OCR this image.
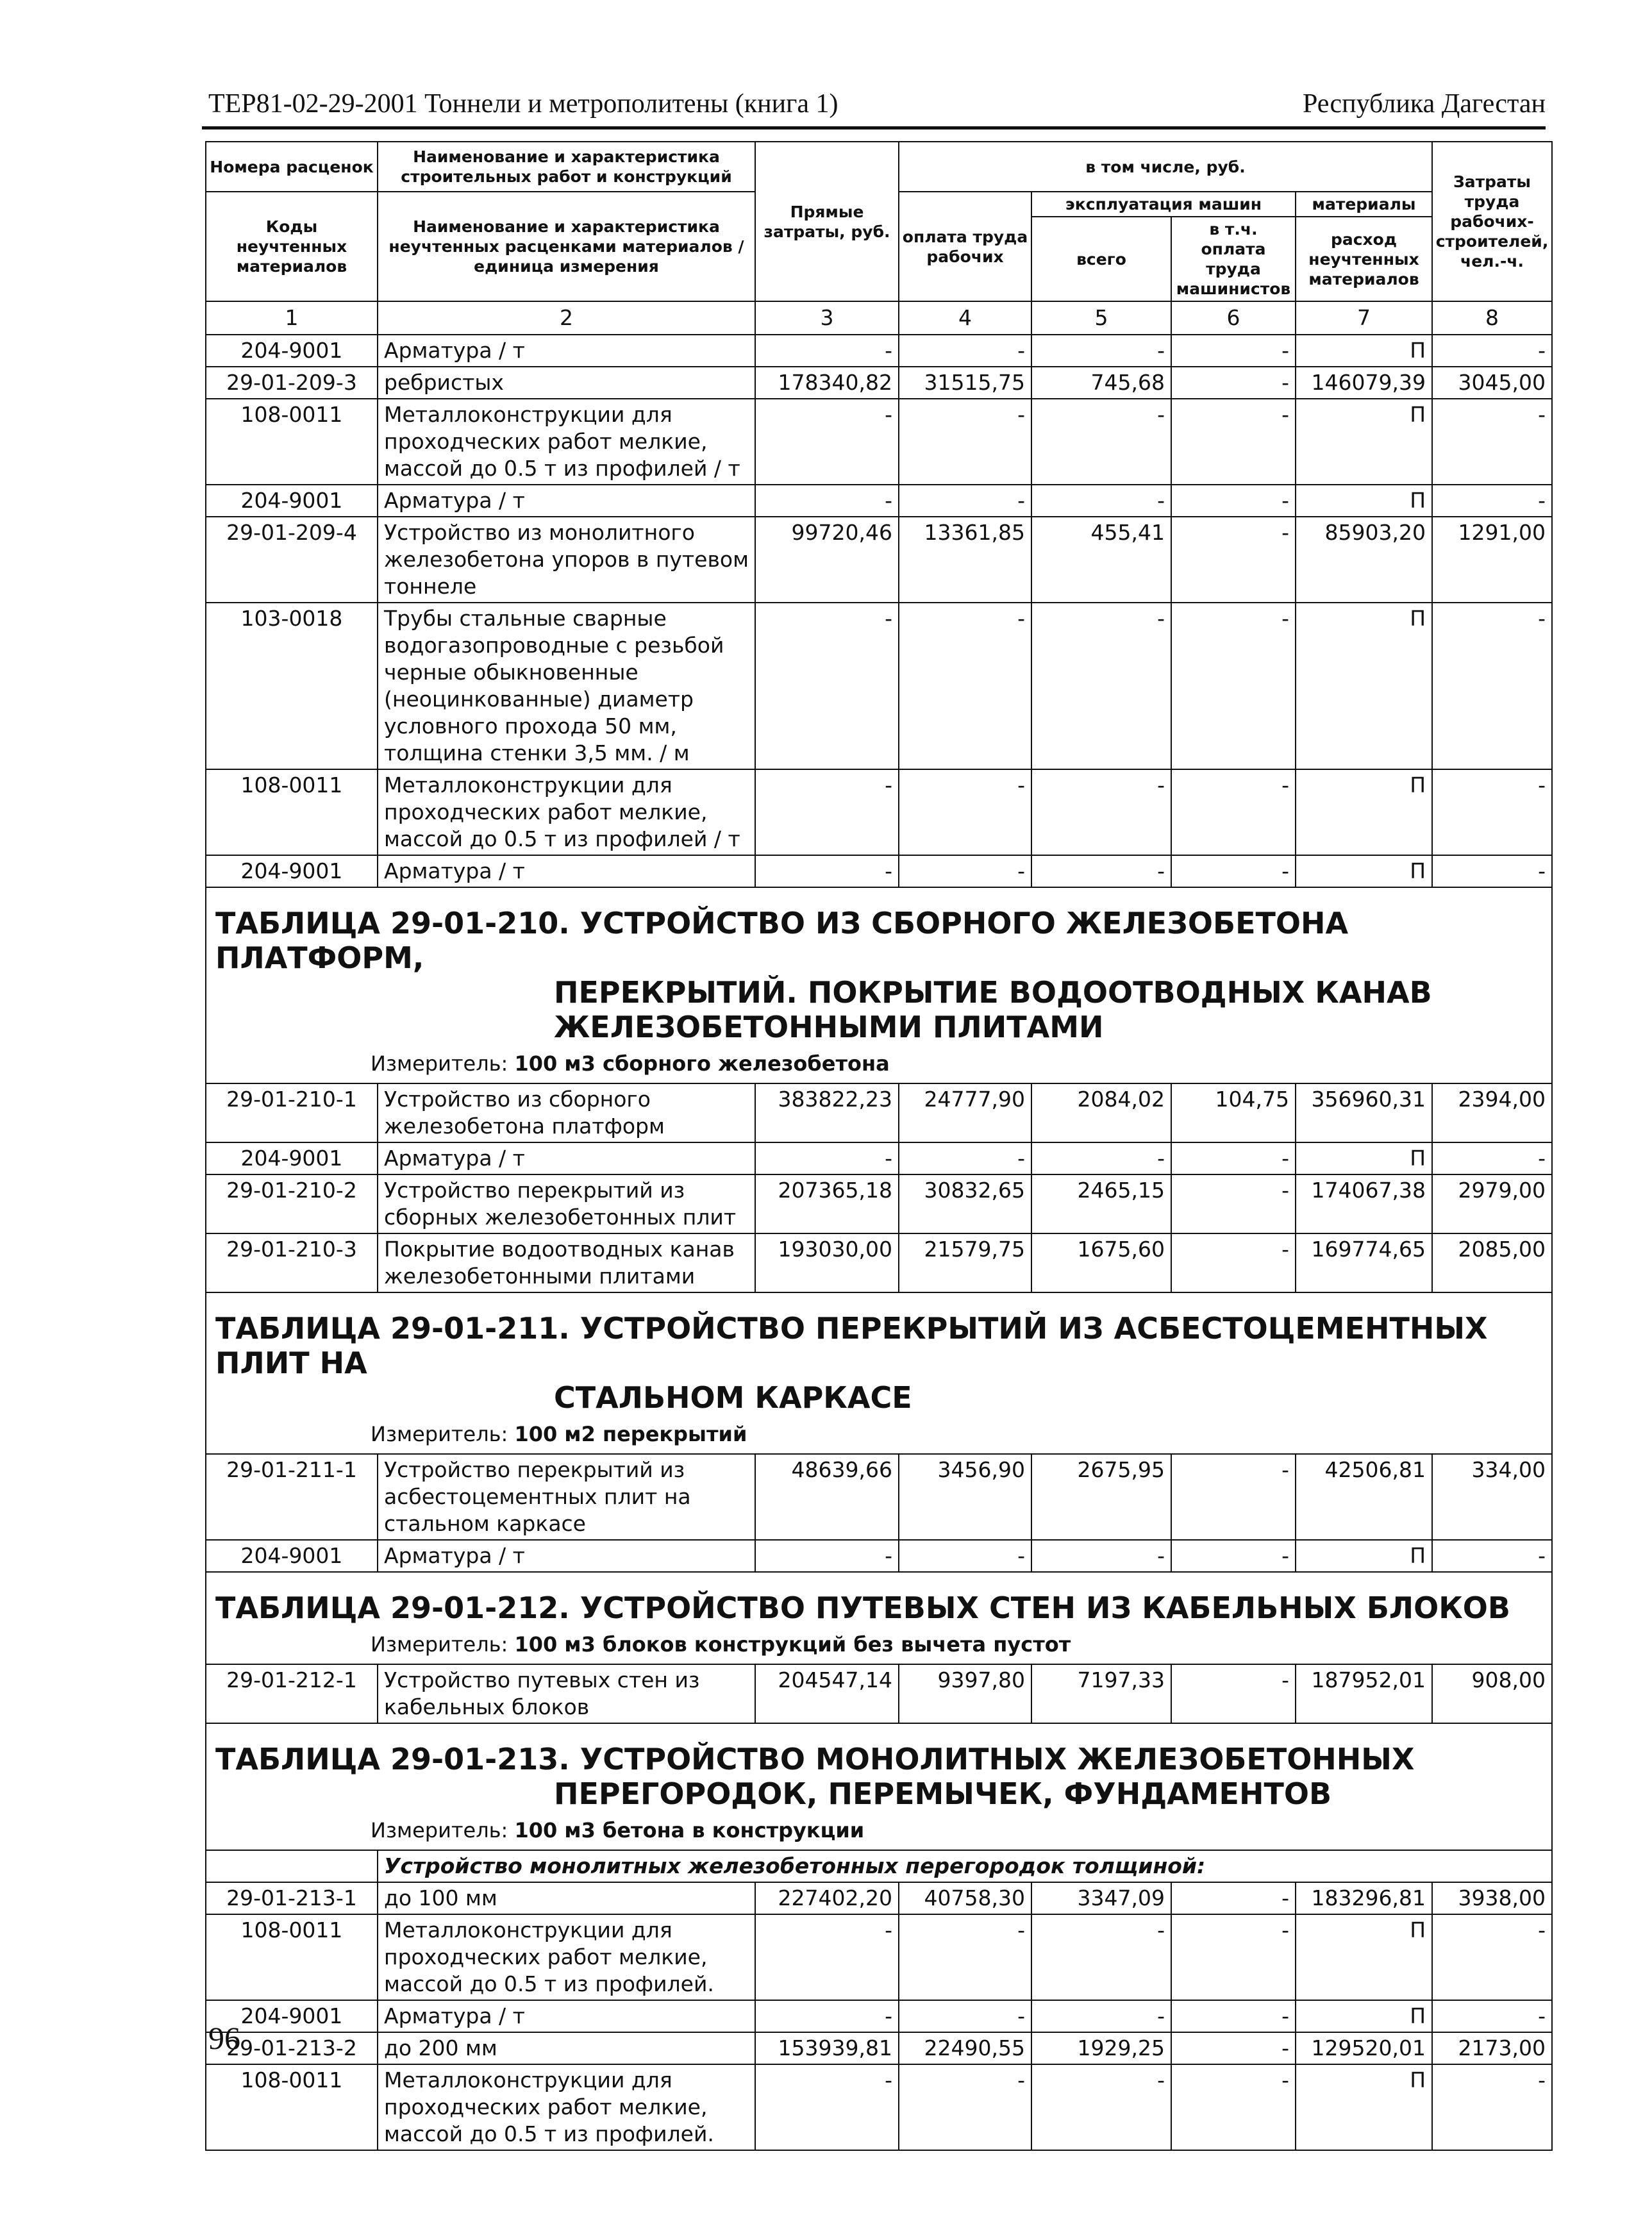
ТЕР81-02-29-2001 Тоннели и метрополитены (книга 1)	Республика Дагестан
Номера расценок	Наименование и характеристика строительных работ и конструкций	Прямые затраты, руб.	в том числе, руб.				Затраты труда рабочих-строителей, чел.-ч.
Коды неучтенных материалов	Наименование и характеристика неучтенных расценками материалов / единица измерения		оплата труда рабочих	эксплуатация машин		материалы	
				всего	в т.ч. оплата труда машинистов	расход неучтенных материалов	
1	2	3	4	5	6	7	8
204-9001	Арматура / т	-	-	-	-	П	-
29-01-209-3	ребристых	178340,82	31515,75	745,68	-	146079,39	3045,00
108-0011	Металлоконструкции для проходческих работ мелкие, массой до 0.5 т из профилей / т	-	-	-	-	П	-
204-9001	Арматура / т	-	-	-	-	П	-
29-01-209-4	Устройство из монолитного железобетона упоров в путевом тоннеле	99720,46	13361,85	455,41	-	85903,20	1291,00
103-0018	Трубы стальные сварные водогазопроводные с резьбой черные обыкновенные (неоцинкованные) диаметр условного прохода 50 мм, толщина стенки 3,5 мм. / м	-	-	-	-	П	-
108-0011	Металлоконструкции для проходческих работ мелкие, массой до 0.5 т из профилей / т	-	-	-	-	П	-
204-9001	Арматура / т	-	-	-	-	П	-

ТАБЛИЦА 29-01-210. УСТРОЙСТВО ИЗ СБОРНОГО ЖЕЛЕЗОБЕТОНА ПЛАТФОРМ,
ПЕРЕКРЫТИЙ. ПОКРЫТИЕ ВОДООТВОДНЫХ КАНАВ
ЖЕЛЕЗОБЕТОННЫМИ ПЛИТАМИ
Измеритель: 100 м3 сборного железобетона							

29-01-210-1	Устройство из сборного железобетона платформ	383822,23	24777,90	2084,02	104,75	356960,31	2394,00
204-9001	Арматура / т	-	-	-	-	П	-
29-01-210-2	Устройство перекрытий из сборных железобетонных плит	207365,18	30832,65	2465,15	-	174067,38	2979,00
29-01-210-3	Покрытие водоотводных канав железобетонными плитами	193030,00	21579,75	1675,60	-	169774,65	2085,00

ТАБЛИЦА 29-01-211. УСТРОЙСТВО ПЕРЕКРЫТИЙ ИЗ АСБЕСТОЦЕМЕНТНЫХ ПЛИТ НА
СТАЛЬНОМ КАРКАСЕ
Измеритель: 100 м2 перекрытий							

29-01-211-1	Устройство перекрытий из асбестоцементных плит на стальном каркасе	48639,66	3456,90	2675,95	-	42506,81	334,00
204-9001	Арматура / т	-	-	-	-	П	-

ТАБЛИЦА 29-01-212. УСТРОЙСТВО ПУТЕВЫХ СТЕН ИЗ КАБЕЛЬНЫХ БЛОКОВ
Измеритель: 100 м3 блоков конструкций без вычета пустот							

29-01-212-1	Устройство путевых стен из кабельных блоков	204547,14	9397,80	7197,33	-	187952,01	908,00

ТАБЛИЦА 29-01-213. УСТРОЙСТВО МОНОЛИТНЫХ ЖЕЛЕЗОБЕТОННЫХ
ПЕРЕГОРОДОК, ПЕРЕМЫЧЕК, ФУНДАМЕНТОВ
Измеритель: 100 м3 бетона в конструкции							

	Устройство монолитных железобетонных перегородок толщиной:						
29-01-213-1	до 100 мм	227402,20	40758,30	3347,09	-	183296,81	3938,00
108-0011	Металлоконструкции для проходческих работ мелкие, массой до 0.5 т из профилей.	-	-	-	-	П	-
204-9001	Арматура / т	-	-	-	-	П	-
29-01-213-2	до 200 мм	153939,81	22490,55	1929,25	-	129520,01	2173,00
108-0011	Металлоконструкции для проходческих работ мелкие, массой до 0.5 т из профилей.	-	-	-	-	П	-
96
